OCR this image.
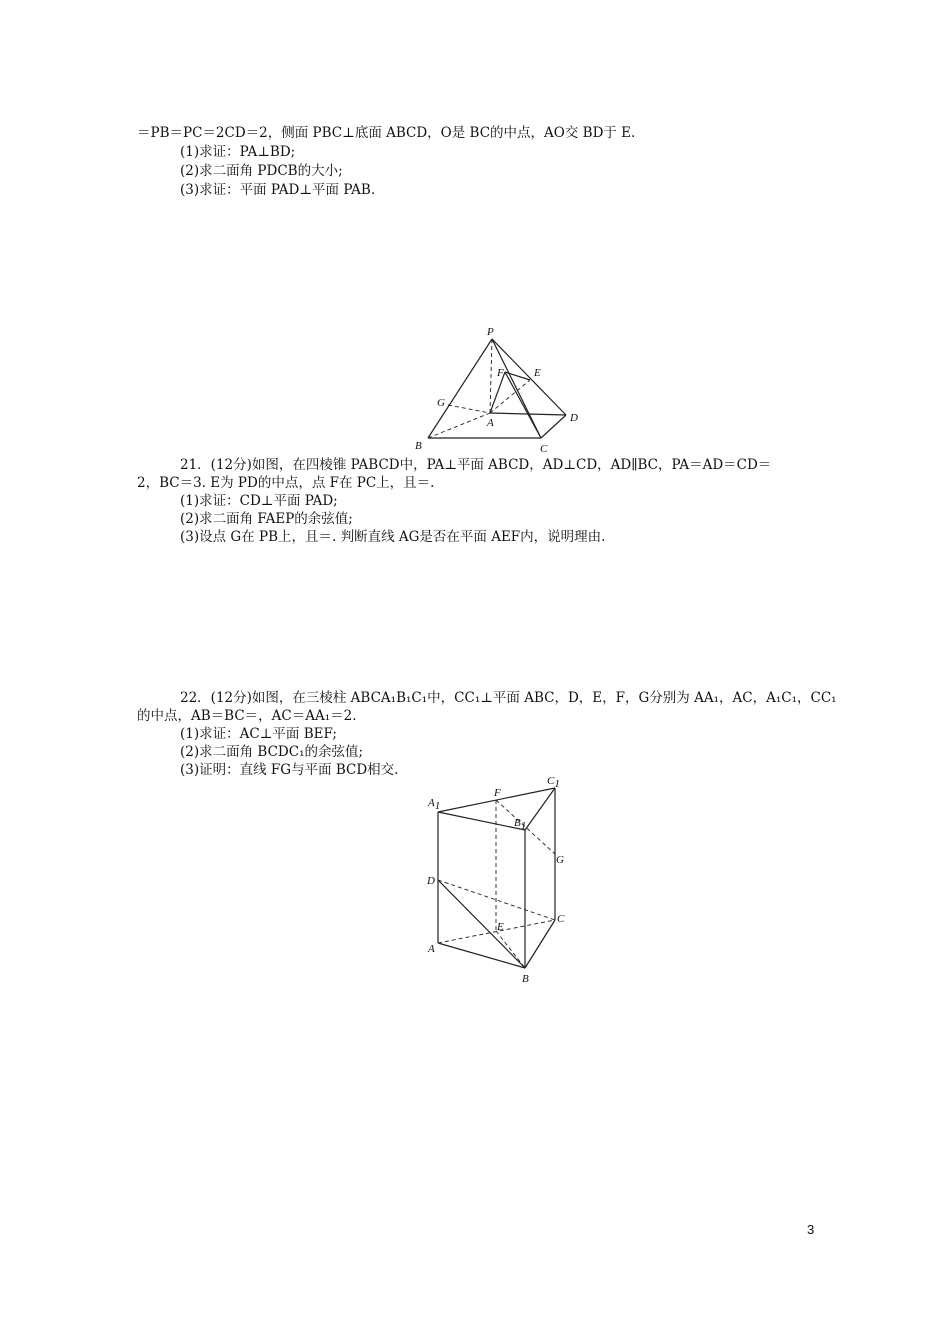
＝PB＝PC＝2CD＝2，侧面 PBC⊥底面 ABCD，O是 BC的中点，AO交 BD于 E.
(1)求证：PA⊥BD;
(2)求二面角 PDCB的大小;
(3)求证：平面 PAD⊥平面 PAB.
P
E
F
G
A	D
B	C
21．(12分)如图，在四棱锥 PABCD中，PA⊥平面 ABCD，AD⊥CD，AD∥BC，PA＝AD＝CD＝
2，BC＝3. E为 PD的中点，点 F在 PC上，且＝.
(1)求证：CD⊥平面 PAD;
(2)求二面角 FAEP的余弦值;
(3)设点 G在 PB上，且＝. 判断直线 AG是否在平面 AEF内，说明理由.
22．(12分)如图，在三棱柱 ABCA₁B₁C₁中，CC₁⊥平面 ABC，D，E，F，G分别为 AA₁，AC，A₁C₁，CC₁
的中点，AB＝BC＝，AC＝AA₁＝2.
(1)求证：AC⊥平面 BEF;
(2)求二面角 BCDC₁的余弦值;
(3)证明：直线 FG与平面 BCD相交.
A1
F
C1
B1
G
D
C
E
A
B
3
